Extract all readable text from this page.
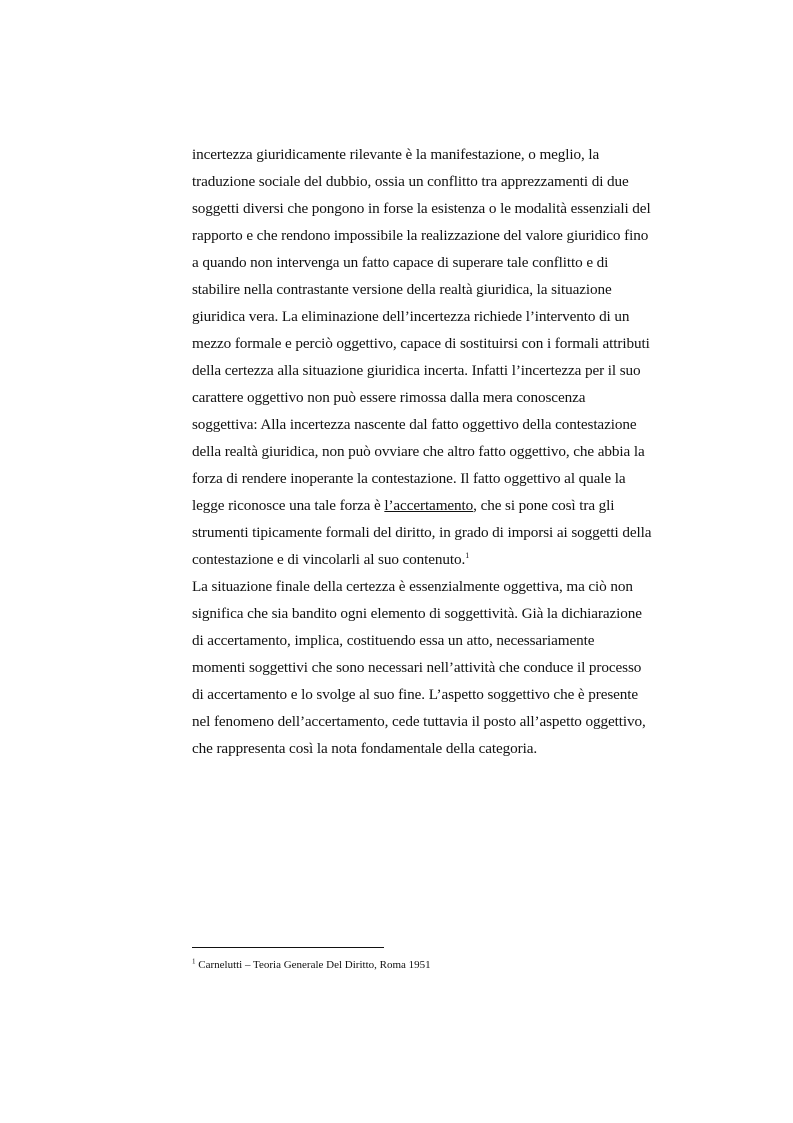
incertezza giuridicamente rilevante è la manifestazione, o meglio, la
traduzione sociale del dubbio, ossia un conflitto tra apprezzamenti di due
soggetti diversi che pongono in forse la esistenza o le modalità essenziali del
rapporto e che rendono impossibile la realizzazione del valore giuridico fino
a quando non intervenga un fatto capace di superare tale conflitto e di
stabilire nella contrastante versione della realtà giuridica, la situazione
giuridica vera. La eliminazione dell’incertezza richiede l’intervento di un
mezzo formale e perciò oggettivo, capace di sostituirsi con i formali attributi
della certezza alla situazione giuridica incerta. Infatti l’incertezza per il suo
carattere oggettivo non può essere rimossa dalla mera conoscenza
soggettiva: Alla incertezza nascente dal fatto oggettivo della contestazione
della realtà giuridica, non può ovviare che altro fatto oggettivo, che abbia la
forza di rendere inoperante la contestazione. Il fatto oggettivo al quale la
legge riconosce una tale forza è l’accertamento, che si pone così tra gli
strumenti tipicamente formali del diritto, in grado di imporsi ai soggetti della
contestazione e di vincolarli al suo contenuto.$^1$
La situazione finale della certezza è essenzialmente oggettiva, ma ciò non
significa che sia bandito ogni elemento di soggettività. Già la dichiarazione
di accertamento, implica, costituendo essa un atto, necessariamente
momenti soggettivi che sono necessari nell’attività che conduce il processo
di accertamento e lo svolge al suo fine. L’aspetto soggettivo che è presente
nel fenomeno dell’accertamento, cede tuttavia il posto all’aspetto oggettivo,
che rappresenta così la nota fondamentale della categoria.
$^1$ Carnelutti – Teoria Generale Del Diritto, Roma 1951
